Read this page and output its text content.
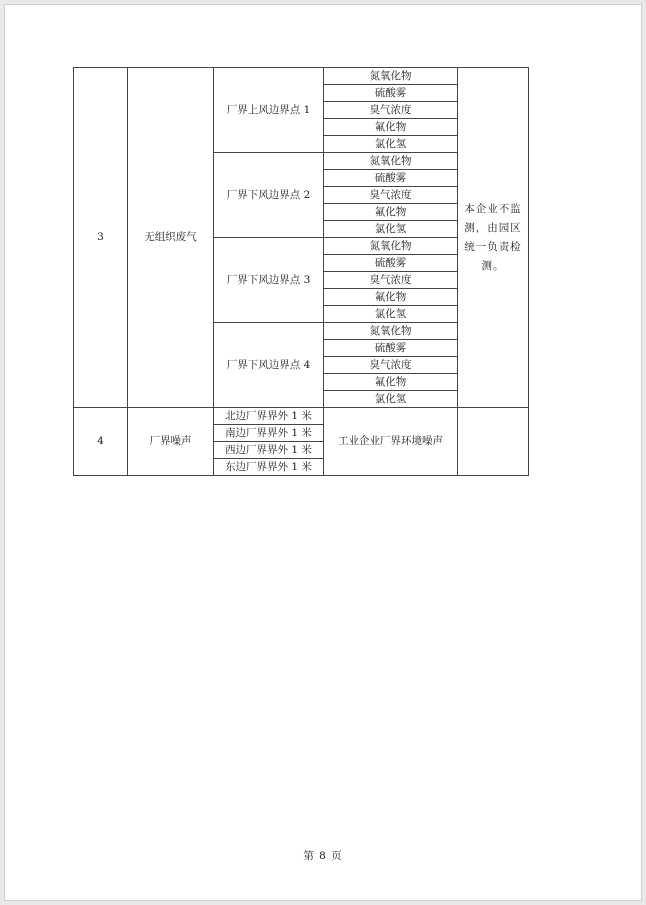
3	无组织废气	厂界上风边界点 1	氮氧化物	本企业不监测，由园区统一负责检测。

			硫酸雾	
			臭气浓度	
			氟化物	
			氯化氢	
		厂界下风边界点 2	氮氧化物	
			硫酸雾	
			臭气浓度	
			氟化物	
			氯化氢	
		厂界下风边界点 3	氮氧化物	
			硫酸雾	
			臭气浓度	
			氟化物	
			氯化氢	
		厂界下风边界点 4	氮氧化物	
			硫酸雾	
			臭气浓度	
			氟化物	
			氯化氢	
4	厂界噪声	北边厂界界外 1 米	工业企业厂界环境噪声	
		南边厂界界外 1 米		
		西边厂界界外 1 米		
		东边厂界界外 1 米		
第 8 页
